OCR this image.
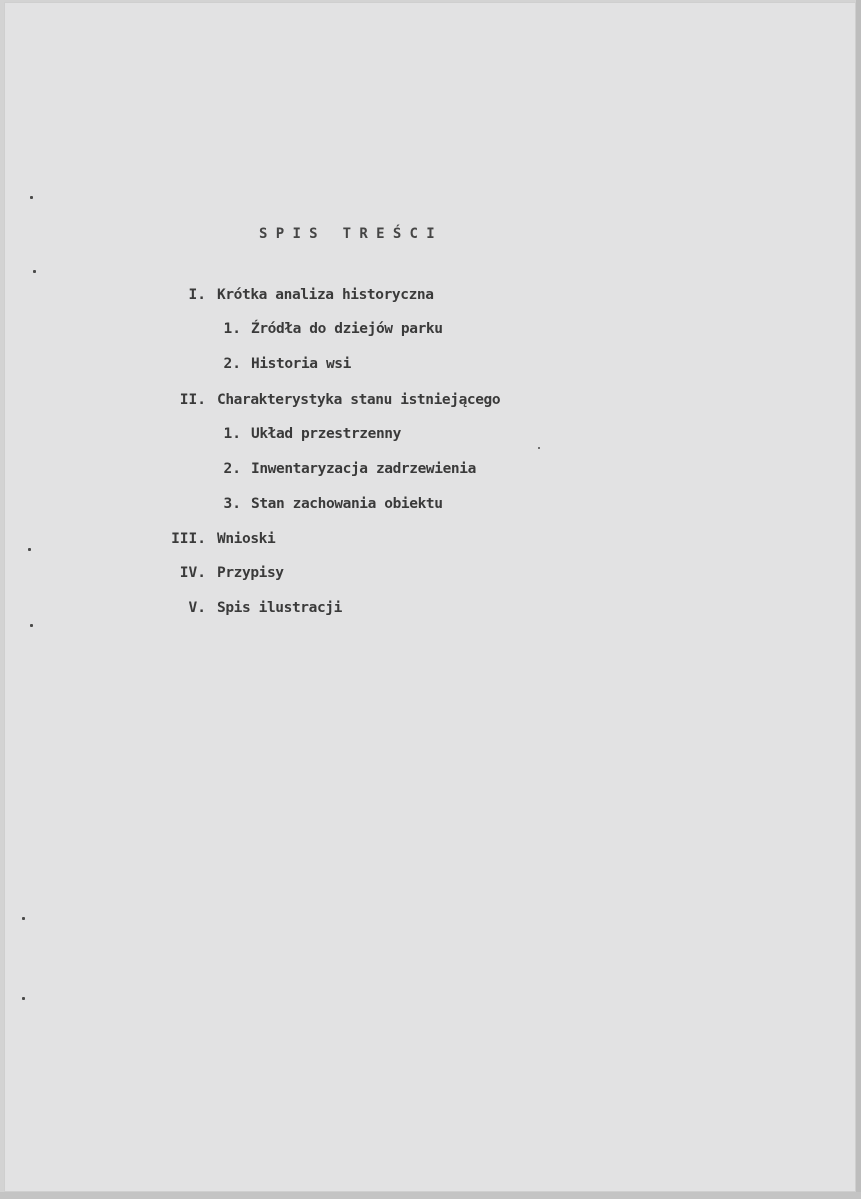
SPIS TREŚCI
I. Krótka analiza historyczna
1. Źródła do dziejów parku
2. Historia wsi
II. Charakterystyka stanu istniejącego
1. Układ przestrzenny
2. Inwentaryzacja zadrzewienia
3. Stan zachowania obiektu
III. Wnioski
IV. Przypisy
V. Spis ilustracji
